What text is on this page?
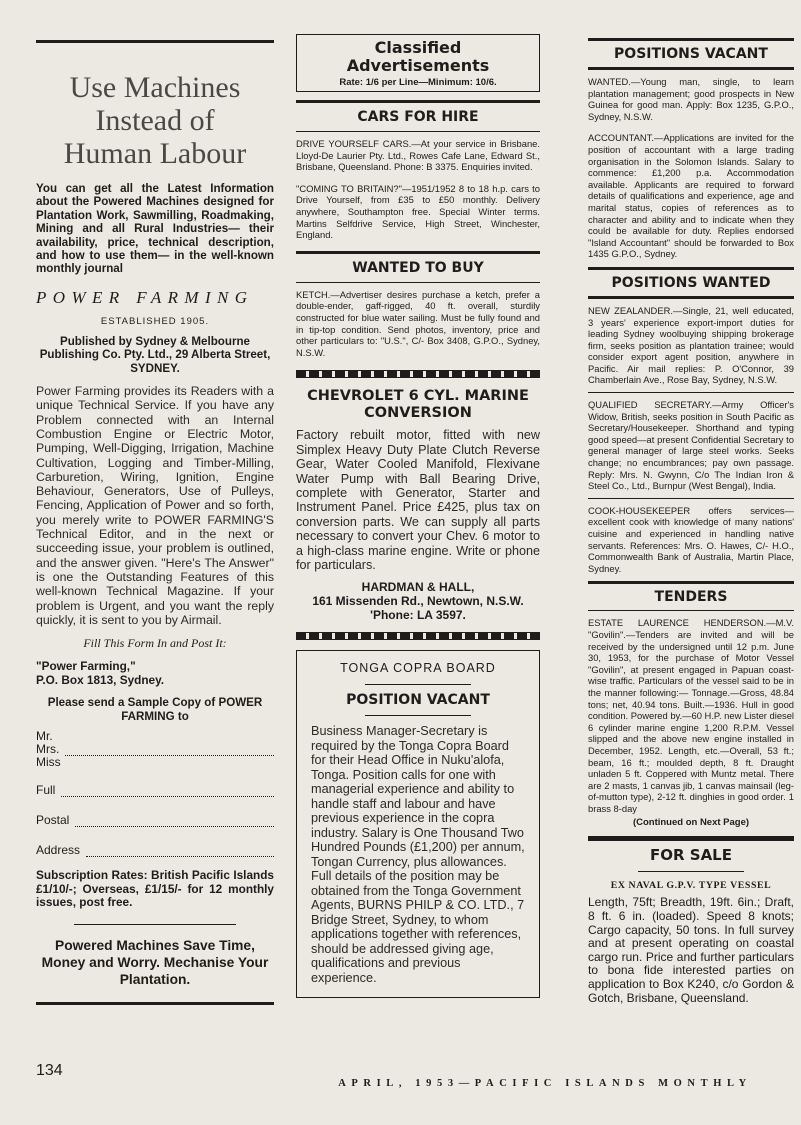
Use Machines
Instead of
Human Labour

You can get all the Latest Information about the Powered Machines designed for Plantation Work, Sawmilling, Roadmaking, Mining and all Rural Industries— their availability, price, technical description, and how to use them— in the well-known monthly journal

POWER FARMING
ESTABLISHED 1905.

Published by Sydney & Melbourne Publishing Co. Pty. Ltd., 29 Alberta Street, SYDNEY.

Power Farming provides its Readers with a unique Technical Service. If you have any Problem connected with an Internal Combustion Engine or Electric Motor, Pumping, Well-Digging, Irrigation, Machine Cultivation, Logging and Timber-Milling, Carburetion, Wiring, Ignition, Engine Behaviour, Generators, Use of Pulleys, Fencing, Application of Power and so forth, you merely write to POWER FARMING'S Technical Editor, and in the next or succeeding issue, your problem is outlined, and the answer given. "Here's The Answer" is one the Outstanding Features of this well-known Technical Magazine. If your problem is Urgent, and you want the reply quickly, it is sent to you by Airmail.

Fill This Form In and Post It:
"Power Farming,"
P.O. Box 1813, Sydney.

Please send a Sample Copy of POWER FARMING to

Mr.
Mrs.
Miss
Full
Postal
Address

Subscription Rates: British Pacific Islands £1/10/-; Overseas, £1/15/- for 12 monthly issues, post free.

Powered Machines Save Time, Money and Worry. Mechanise Your Plantation.

134
Classified Advertisements
Rate: 1/6 per Line—Minimum: 10/6.
CARS FOR HIRE

DRIVE YOURSELF CARS.—At your service in Brisbane. Lloyd-De Laurier Pty. Ltd., Rowes Cafe Lane, Edward St., Brisbane, Queensland. Phone: B 3375. Enquiries invited.

"COMING TO BRITAIN?"—1951/1952 8 to 18 h.p. cars to Drive Yourself, from £35 to £50 monthly. Delivery anywhere, Southampton free. Special Winter terms. Martins Selfdrive Service, High Street, Winchester, England.

WANTED TO BUY

KETCH.—Advertiser desires purchase a ketch, prefer a double-ender, gaff-rigged, 40 ft. overall, sturdily constructed for blue water sailing. Must be fully found and in tip-top condition. Send photos, inventory, price and other particulars to: "U.S.", C/- Box 3408, G.P.O., Sydney, N.S.W.

CHEVROLET 6 CYL. MARINE CONVERSION

Factory rebuilt motor, fitted with new Simplex Heavy Duty Plate Clutch Reverse Gear, Water Cooled Manifold, Flexivane Water Pump with Ball Bearing Drive, complete with Generator, Starter and Instrument Panel. Price £425, plus tax on conversion parts. We can supply all parts necessary to convert your Chev. 6 motor to a high-class marine engine. Write or phone for particulars.

HARDMAN & HALL,
161 Missenden Rd., Newtown, N.S.W.
'Phone: LA 3597.
TONGA COPRA BOARD
POSITION VACANT

Business Manager-Secretary is required by the Tonga Copra Board for their Head Office in Nuku'alofa, Tonga. Position calls for one with managerial experience and ability to handle staff and labour and have previous experience in the copra industry. Salary is One Thousand Two Hundred Pounds (£1,200) per annum, Tongan Currency, plus allowances. Full details of the position may be obtained from the Tonga Government Agents, BURNS PHILP & CO. LTD., 7 Bridge Street, Sydney, to whom applications together with references, should be addressed giving age, qualifications and previous experience.

POSITIONS VACANT

WANTED.—Young man, single, to learn plantation management; good prospects in New Guinea for good man. Apply: Box 1235, G.P.O., Sydney, N.S.W.

ACCOUNTANT.—Applications are invited for the position of accountant with a large trading organisation in the Solomon Islands. Salary to commence: £1,200 p.a. Accommodation available. Applicants are required to forward details of qualifications and experience, age and marital status, copies of references as to character and ability and to indicate when they could be available for duty. Replies endorsed "Island Accountant" should be forwarded to Box 1435 G.P.O., Sydney.

POSITIONS WANTED

NEW ZEALANDER.—Single, 21, well educated, 3 years' experience export-import duties for leading Sydney woolbuying shipping brokerage firm, seeks position as plantation trainee; would consider export agent position, anywhere in Pacific. Air mail replies: P. O'Connor, 39 Chamberlain Ave., Rose Bay, Sydney, N.S.W.

QUALIFIED SECRETARY.—Army Officer's Widow, British, seeks position in South Pacific as Secretary/Housekeeper. Shorthand and typing good speed—at present Confidential Secretary to general manager of large steel works. Seeks change; no encumbrances; pay own passage. Reply: Mrs. N. Gwynn, C/o The Indian Iron & Steel Co., Ltd., Burnpur (West Bengal), India.

COOK-HOUSEKEEPER offers services—excellent cook with knowledge of many nations' cuisine and experienced in handling native servants. References: Mrs. O. Hawes, C/- H.O., Commonwealth Bank of Australia, Martin Place, Sydney.

TENDERS

ESTATE LAURENCE HENDERSON.—M.V. "Govilin".—Tenders are invited and will be received by the undersigned until 12 p.m. June 30, 1953, for the purchase of Motor Vessel "Govilin", at present engaged in Papuan coast-wise traffic. Particulars of the vessel said to be in the manner following:— Tonnage.—Gross, 48.84 tons; net, 40.94 tons. Built.—1936. Hull in good condition. Powered by.—60 H.P. new Lister diesel 6 cylinder marine engine 1,200 R.P.M. Vessel slipped and the above new engine installed in December, 1952. Length, etc.—Overall, 53 ft.; beam, 16 ft.; moulded depth, 8 ft. Draught unladen 5 ft. Coppered with Muntz metal. There are 2 masts, 1 canvas jib, 1 canvas mainsail (leg-of-mutton type), 2-12 ft. dinghies in good order. 1 brass 8-day

(Continued on Next Page)
FOR SALE
EX NAVAL G.P.V. TYPE VESSEL

Length, 75ft; Breadth, 19ft. 6in.; Draft, 8 ft. 6 in. (loaded). Speed 8 knots; Cargo capacity, 50 tons. In full survey and at present operating on coastal cargo run. Price and further particulars to bona fide interested parties on application to Box K240, c/o Gordon & Gotch, Brisbane, Queensland.

APRIL, 1953—PACIFIC ISLANDS MONTHLY
